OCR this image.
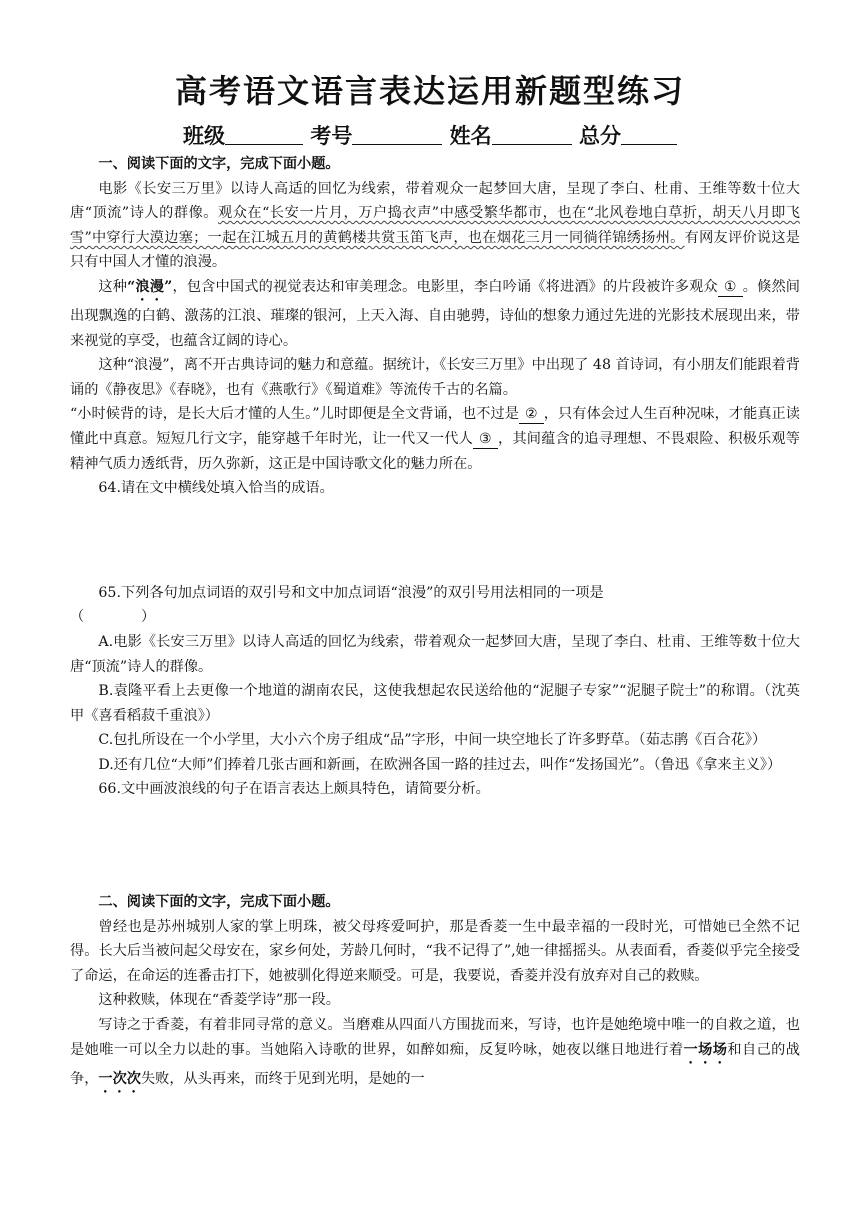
高考语文语言表达运用新题型练习
班级	考号	姓名	总分

一、阅读下面的文字，完成下面小题。

电影《长安三万里》以诗人高适的回忆为线索，带着观众一起梦回大唐，呈现了李白、杜甫、王维等数十位大唐“顶流”诗人的群像。观众在“长安一片月，万户捣衣声”中感受繁华都市，也在“北风卷地白草折，胡天八月即飞雪”中穿行大漠边塞；一起在江城五月的黄鹤楼共赏玉笛飞声，也在烟花三月一同徜徉锦绣扬州。有网友评价说这是只有中国人才懂的浪漫。

这种“浪漫”，包含中国式的视觉表达和审美理念。电影里，李白吟诵《将进酒》的片段被许多观众 ① 。倏然间出现飘逸的白鹤、激荡的江浪、璀璨的银河，上天入海、自由驰骋，诗仙的想象力通过先进的光影技术展现出来，带来视觉的享受，也蕴含辽阔的诗心。

这种“浪漫”，离不开古典诗词的魅力和意蕴。据统计，《长安三万里》中出现了 48 首诗词，有小朋友们能跟着背诵的《静夜思》《春晓》，也有《燕歌行》《蜀道难》等流传千古的名篇。

“小时候背的诗，是长大后才懂的人生。”儿时即便是全文背诵，也不过是 ② ，只有体会过人生百种况味，才能真正读懂此中真意。短短几行文字，能穿越千年时光，让一代又一代人 ③ ，其间蕴含的追寻理想、不畏艰险、积极乐观等精神气质力透纸背，历久弥新，这正是中国诗歌文化的魅力所在。

64.请在文中横线处填入恰当的成语。

65.下列各句加点词语的双引号和文中加点词语“浪漫”的双引号用法相同的一项是

（　　　　）

A.电影《长安三万里》以诗人高适的回忆为线索，带着观众一起梦回大唐，呈现了李白、杜甫、王维等数十位大唐“顶流”诗人的群像。

B.袁隆平看上去更像一个地道的湖南农民，这使我想起农民送给他的“泥腿子专家”“泥腿子院士”的称谓。（沈英甲《喜看稻菽千重浪》）

C.包扎所设在一个小学里，大小六个房子组成“品”字形，中间一块空地长了许多野草。（茹志鹃《百合花》）

D.还有几位“大师”们捧着几张古画和新画，在欧洲各国一路的挂过去，叫作“发扬国光”。（鲁迅《拿来主义》）

66.文中画波浪线的句子在语言表达上颇具特色，请简要分析。

二、阅读下面的文字，完成下面小题。

曾经也是苏州城别人家的掌上明珠，被父母疼爱呵护，那是香菱一生中最幸福的一段时光，可惜她已全然不记得。长大后当被问起父母安在，家乡何处，芳龄几何时，“我不记得了”,她一律摇摇头。从表面看，香菱似乎完全接受了命运，在命运的连番击打下，她被驯化得逆来顺受。可是，我要说，香菱并没有放弃对自己的救赎。

这种救赎，体现在“香菱学诗”那一段。

写诗之于香菱，有着非同寻常的意义。当磨难从四面八方围拢而来，写诗，也许是她绝境中唯一的自救之道，也是她唯一可以全力以赴的事。当她陷入诗歌的世界，如醉如痴，反复吟咏，她夜以继日地进行着一场场和自己的战争，一次次失败，从头再来，而终于见到光明，是她的一
